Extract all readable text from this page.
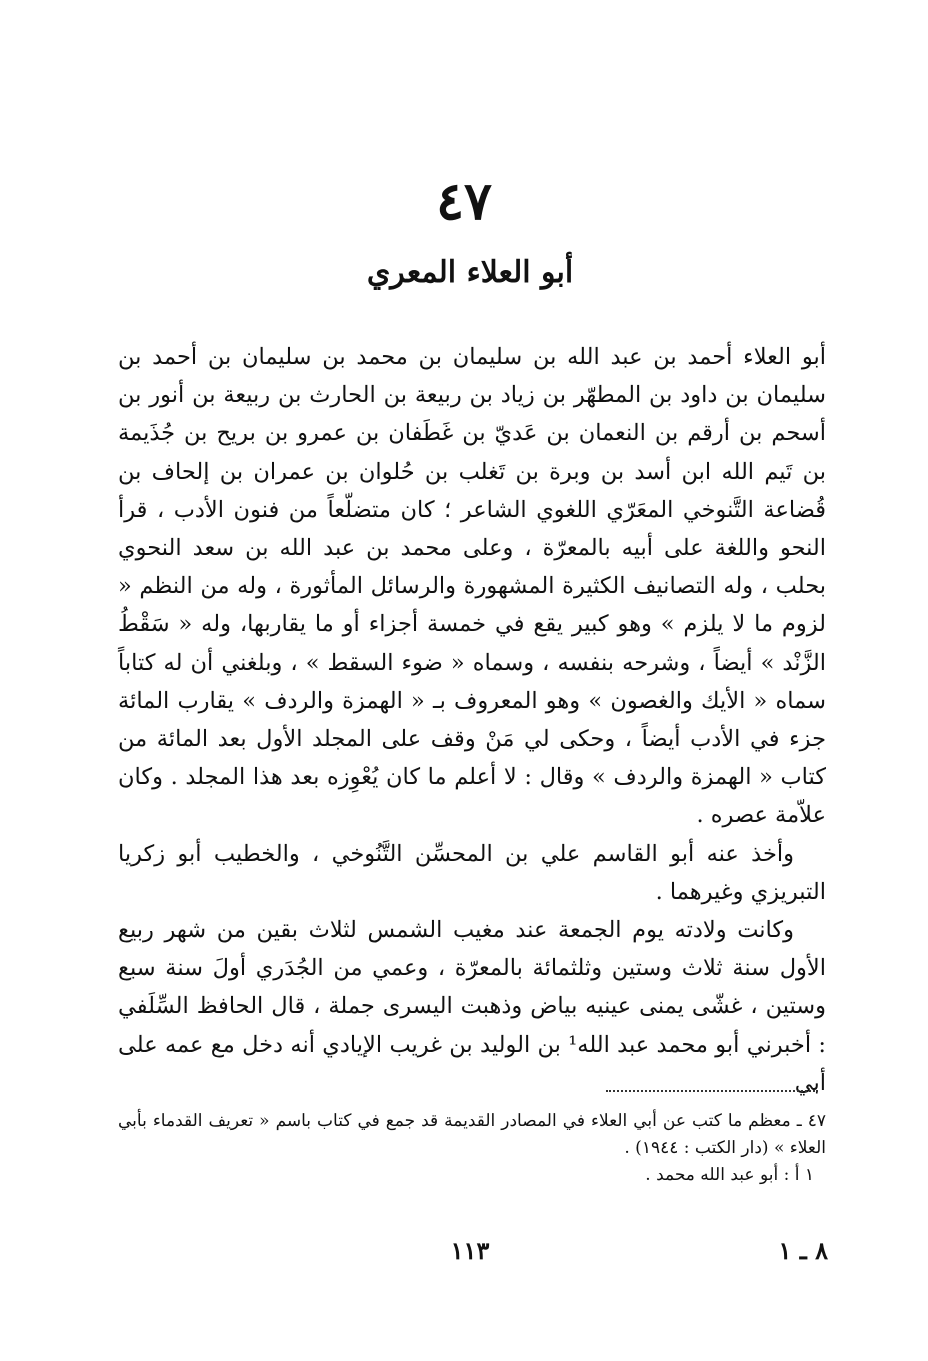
٤٧
أبو العلاء المعري

أبو العلاء أحمد بن عبد الله بن سليمان بن محمد بن سليمان بن أحمد بن سليمان بن داود بن المطهّر بن زياد بن ربيعة بن الحارث بن ربيعة بن أنور بن أسحم بن أرقم بن النعمان بن عَديّ بن غَطَفان بن عمرو بن بريح بن جُذَيمة بن تَيم الله ابن أسد بن وبرة بن تَغلب بن حُلوان بن عمران بن إلحاف بن قُضاعة التَّنوخي المعَرّي اللغوي الشاعر ؛ كان متضلّعاً من فنون الأدب ، قرأ النحو واللغة على أبيه بالمعرّة ، وعلى محمد بن عبد الله بن سعد النحوي بحلب ، وله التصانيف الكثيرة المشهورة والرسائل المأثورة ، وله من النظم « لزوم ما لا يلزم » وهو كبير يقع في خمسة أجزاء أو ما يقاربها، وله « سَقْطُ الزَّنْد » أيضاً ، وشرحه بنفسه ، وسماه « ضوء السقط » ، وبلغني أن له كتاباً سماه « الأيك والغصون » وهو المعروف بـ « الهمزة والردف » يقارب المائة جزء في الأدب أيضاً ، وحكى لي مَنْ وقف على المجلد الأول بعد المائة من كتاب « الهمزة والردف » وقال : لا أعلم ما كان يُعْوِزه بعد هذا المجلد . وكان علاّمة عصره .

وأخذ عنه أبو القاسم علي بن المحسِّن التَّنُوخي ، والخطيب أبو زكريا التبريزي وغيرهما .

وكانت ولادته يوم الجمعة عند مغيب الشمس لثلاث بقين من شهر ربيع الأول سنة ثلاث وستين وثلثمائة بالمعرّة ، وعمي من الجُدَري أولَ سنة سبع وستين ، غشّى يمنى عينيه بياض وذهبت اليسرى جملة ، قال الحافظ السِّلَفي : أخبرني أبو محمد عبد الله¹ بن الوليد بن غريب الإيادي أنه دخل مع عمه على أبي

٤٧ ـ معظم ما كتب عن أبي العلاء في المصادر القديمة قد جمع في كتاب باسم « تعريف القدماء بأبي العلاء » (دار الكتب : ١٩٤٤) .

١ أ : أبو عبد الله محمد .

١١٣	٨ ـ ١
